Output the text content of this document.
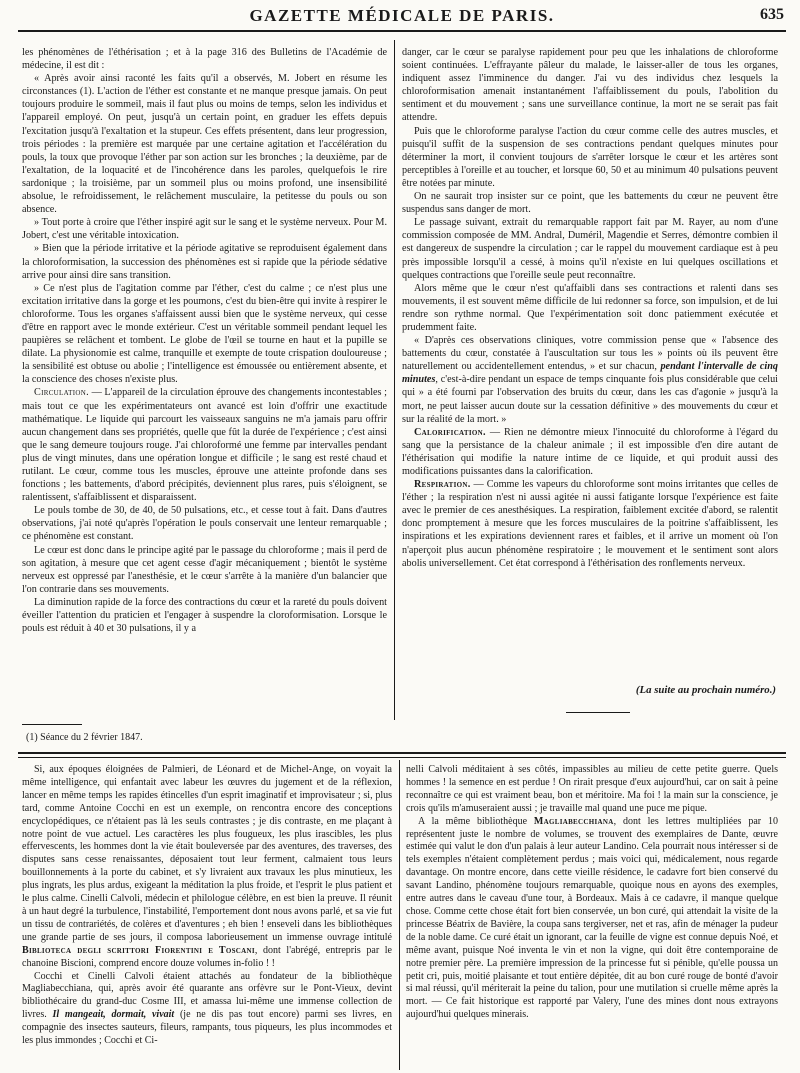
GAZETTE MÉDICALE DE PARIS.	635

les phénomènes de l'éthérisation ; et à la page 316 des Bulletins de l'Académie de médecine, il est dit :

« Après avoir ainsi raconté les faits qu'il a observés, M. Jobert en résume les circonstances (1). L'action de l'éther est constante et ne manque presque jamais. On peut toujours produire le sommeil, mais il faut plus ou moins de temps, selon les individus et l'appareil employé. On peut, jusqu'à un certain point, en graduer les effets depuis l'excitation jusqu'à l'exaltation et la stupeur. Ces effets présentent, dans leur progression, trois périodes : la première est marquée par une certaine agitation et l'accélération du pouls, la toux que provoque l'éther par son action sur les bronches ; la deuxième, par de l'exaltation, de la loquacité et de l'incohérence dans les paroles, quelquefois le rire sardonique ; la troisième, par un sommeil plus ou moins profond, une insensibilité absolue, le refroidissement, le relâchement musculaire, la petitesse du pouls ou son absence.

» Tout porte à croire que l'éther inspiré agit sur le sang et le système nerveux. Pour M. Jobert, c'est une véritable intoxication.

» Bien que la période irritative et la période agitative se reproduisent également dans la chloroformisation, la succession des phénomènes est si rapide que la période sédative arrive pour ainsi dire sans transition.

» Ce n'est plus de l'agitation comme par l'éther, c'est du calme ; ce n'est plus une excitation irritative dans la gorge et les poumons, c'est du bien-être qui invite à respirer le chloroforme. Tous les organes s'affaissent aussi bien que le système nerveux, qui cesse d'être en rapport avec le monde extérieur. C'est un véritable sommeil pendant lequel les paupières se relâchent et tombent. Le globe de l'œil se tourne en haut et la pupille se dilate. La physionomie est calme, tranquille et exempte de toute crispation douloureuse ; la sensibilité est obtuse ou abolie ; l'intelligence est émoussée ou entièrement absente, et la conscience des choses n'existe plus.

Circulation. — L'appareil de la circulation éprouve des changements incontestables ; mais tout ce que les expérimentateurs ont avancé est loin d'offrir une exactitude mathématique. Le liquide qui parcourt les vaisseaux sanguins ne m'a jamais paru offrir aucun changement dans ses propriétés, quelle que fût la durée de l'expérience ; c'est ainsi que le sang demeure toujours rouge. J'ai chloroformé une femme par intervalles pendant plus de vingt minutes, dans une opération longue et difficile ; le sang est resté chaud et rutilant. Le cœur, comme tous les muscles, éprouve une atteinte profonde dans ses fonctions ; les battements, d'abord précipités, deviennent plus rares, puis s'éloignent, se ralentissent, s'affaiblissent et disparaissent.

Le pouls tombe de 30, de 40, de 50 pulsations, etc., et cesse tout à fait. Dans d'autres observations, j'ai noté qu'après l'opération le pouls conservait une lenteur remarquable ; ce phénomène est constant.

Le cœur est donc dans le principe agité par le passage du chloroforme ; mais il perd de son agitation, à mesure que cet agent cesse d'agir mécaniquement ; bientôt le système nerveux est oppressé par l'anesthésie, et le cœur s'arrête à la manière d'un balancier que l'on contrarie dans ses mouvements.

La diminution rapide de la force des contractions du cœur et la rareté du pouls doivent éveiller l'attention du praticien et l'engager à suspendre la cloroformisation. Lorsque le pouls est réduit à 40 et 30 pulsations, il y a

danger, car le cœur se paralyse rapidement pour peu que les inhalations de chloroforme soient continuées. L'effrayante pâleur du malade, le laisser-aller de tous les organes, indiquent assez l'imminence du danger. J'ai vu des individus chez lesquels la chloroformisation amenait instantanément l'affaiblissement du pouls, l'abolition du sentiment et du mouvement ; sans une surveillance continue, la mort ne se serait pas fait attendre.

Puis que le chloroforme paralyse l'action du cœur comme celle des autres muscles, et puisqu'il suffit de la suspension de ses contractions pendant quelques minutes pour déterminer la mort, il convient toujours de s'arrêter lorsque le cœur et les artères sont perceptibles à l'oreille et au toucher, et lorsque 60, 50 et au minimum 40 pulsations peuvent être notées par minute.

On ne saurait trop insister sur ce point, que les battements du cœur ne peuvent être suspendus sans danger de mort.

Le passage suivant, extrait du remarquable rapport fait par M. Rayer, au nom d'une commission composée de MM. Andral, Duméril, Magendie et Serres, démontre combien il est dangereux de suspendre la circulation ; car le rappel du mouvement cardiaque est à peu près impossible lorsqu'il a cessé, à moins qu'il n'existe en lui quelques oscillations et quelques contractions que l'oreille seule peut reconnaître.

Alors même que le cœur n'est qu'affaibli dans ses contractions et ralenti dans ses mouvements, il est souvent même difficile de lui redonner sa force, son impulsion, et de lui rendre son rythme normal. Que l'expérimentation soit donc patiemment exécutée et prudemment faite.

« D'après ces observations cliniques, votre commission pense que « l'absence des battements du cœur, constatée à l'auscultation sur tous les » points où ils peuvent être naturellement ou accidentellement entendus, » et sur chacun, pendant l'intervalle de cinq minutes, c'est-à-dire pendant un espace de temps cinquante fois plus considérable que celui qui » a été fourni par l'observation des bruits du cœur, dans les cas d'agonie » jusqu'à la mort, ne peut laisser aucun doute sur la cessation définitive » des mouvements du cœur et sur la réalité de la mort. »

Calorification. — Rien ne démontre mieux l'innocuité du chloroforme à l'égard du sang que la persistance de la chaleur animale ; il est impossible d'en dire autant de l'éthérisation qui modifie la nature intime de ce liquide, et qui produit aussi des modifications puissantes dans la calorification.

Respiration. — Comme les vapeurs du chloroforme sont moins irritantes que celles de l'éther ; la respiration n'est ni aussi agitée ni aussi fatigante lorsque l'expérience est faite avec le premier de ces anesthésiques. La respiration, faiblement excitée d'abord, se ralentit donc promptement à mesure que les forces musculaires de la poitrine s'affaiblissent, les inspirations et les expirations deviennent rares et faibles, et il arrive un moment où l'on n'aperçoit plus aucun phénomène respiratoire ; le mouvement et le sentiment sont alors abolis universellement. Cet état correspond à l'éthérisation des ronflements nerveux.

(La suite au prochain numéro.)
(1) Séance du 2 février 1847.

Si, aux époques éloignées de Palmieri, de Léonard et de Michel-Ange, on voyait la même intelligence, qui enfantait avec labeur les œuvres du jugement et de la réflexion, lancer en même temps les rapides étincelles d'un esprit imaginatif et improvisateur ; si, plus tard, comme Antoine Cocchi en est un exemple, on rencontra encore des conceptions encyclopédiques, ce n'étaient pas là les seuls contrastes ; je dis contraste, en me plaçant à notre point de vue actuel. Les caractères les plus fougueux, les plus irascibles, les plus effervescents, les hommes dont la vie était bouleversée par des aventures, des traverses, des disputes sans cesse renaissantes, déposaient tout leur ferment, calmaient tous leurs bouillonnements à la porte du cabinet, et s'y livraient aux travaux les plus minutieux, les plus ingrats, les plus ardus, exigeant la méditation la plus froide, et l'esprit le plus patient et le plus calme. Cinelli Calvoli, médecin et philologue célèbre, en est bien la preuve. Il réunit à un haut degré la turbulence, l'instabilité, l'emportement dont nous avons parlé, et sa vie fut un tissu de contrariétés, de colères et d'aventures ; eh bien ! enseveli dans les bibliothèques une grande partie de ses jours, il composa laborieusement un immense ouvrage intitulé Biblioteca degli scrittori Fiorentini e Toscani, dont l'abrégé, entrepris par le chanoine Biscioni, comprend encore douze volumes in-folio ! !

Cocchi et Cinelli Calvoli étaient attachés au fondateur de la bibliothèque Magliabecchiana, qui, après avoir été quarante ans orfèvre sur le Pont-Vieux, devint bibliothécaire du grand-duc Cosme III, et amassa lui-même une immense collection de livres. Il mangeait, dormait, vivait (je ne dis pas tout encore) parmi ses livres, en compagnie des insectes sauteurs, fileurs, rampants, tous piqueurs, les plus incommodes et les plus immondes ; Cocchi et Ci-

nelli Calvoli méditaient à ses côtés, impassibles au milieu de cette petite guerre. Quels hommes ! la semence en est perdue ! On rirait presque d'eux aujourd'hui, car on sait à peine reconnaître ce qui est vraiment beau, bon et méritoire. Ma foi ! la main sur la conscience, je crois qu'ils m'amuseraient aussi ; je travaille mal quand une puce me pique.

A la même bibliothèque Magliabecchiana, dont les lettres multipliées par 10 représentent juste le nombre de volumes, se trouvent des exemplaires de Dante, œuvre estimée qui valut le don d'un palais à leur auteur Landino. Cela pourrait nous intéresser si de tels exemples n'étaient complètement perdus ; mais voici qui, médicalement, nous regarde davantage. On montre encore, dans cette vieille résidence, le cadavre fort bien conservé du savant Landino, phénomène toujours remarquable, quoique nous en ayons des exemples, entre autres dans le caveau d'une tour, à Bordeaux. Mais à ce cadavre, il manque quelque chose. Comme cette chose était fort bien conservée, un bon curé, qui attendait la visite de la princesse Béatrix de Bavière, la coupa sans tergiverser, net et ras, afin de ménager la pudeur de la noble dame. Ce curé était un ignorant, car la feuille de vigne est connue depuis Noé, et même avant, puisque Noé inventa le vin et non la vigne, qui doit être contemporaine de notre premier père. La première impression de la princesse fut si pénible, qu'elle poussa un petit cri, puis, moitié plaisante et tout entière dépitée, dit au bon curé rouge de bonté d'avoir si mal réussi, qu'il mériterait la peine du talion, pour une mutilation si cruelle même après la mort. — Ce fait historique est rapporté par Valery, l'une des mines dont nous extrayons aujourd'hui quelques minerais.
